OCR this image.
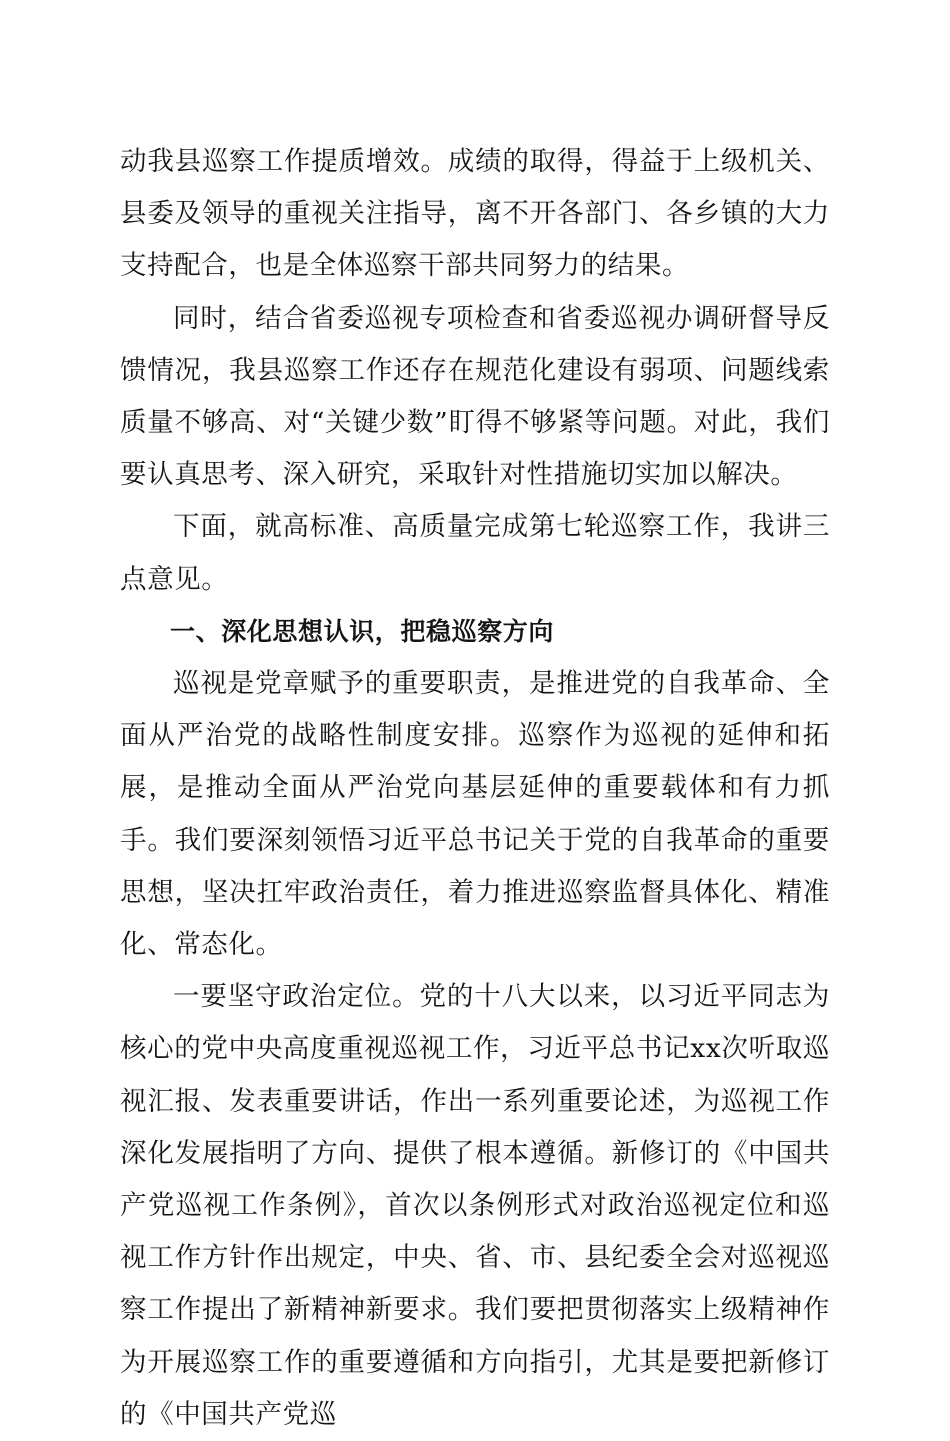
动我县巡察工作提质增效。成绩的取得，得益于上级机关、县委及领导的重视关注指导，离不开各部门、各乡镇的大力支持配合，也是全体巡察干部共同努力的结果。

同时，结合省委巡视专项检查和省委巡视办调研督导反馈情况，我县巡察工作还存在规范化建设有弱项、问题线索质量不够高、对“关键少数”盯得不够紧等问题。对此，我们要认真思考、深入研究，采取针对性措施切实加以解决。

下面，就高标准、高质量完成第七轮巡察工作，我讲三点意见。

一、深化思想认识，把稳巡察方向

巡视是党章赋予的重要职责，是推进党的自我革命、全面从严治党的战略性制度安排。巡察作为巡视的延伸和拓展，是推动全面从严治党向基层延伸的重要载体和有力抓手。我们要深刻领悟习近平总书记关于党的自我革命的重要思想，坚决扛牢政治责任，着力推进巡察监督具体化、精准化、常态化。

一要坚守政治定位。党的十八大以来，以习近平同志为核心的党中央高度重视巡视工作，习近平总书记xx次听取巡视汇报、发表重要讲话，作出一系列重要论述，为巡视工作深化发展指明了方向、提供了根本遵循。新修订的《中国共产党巡视工作条例》，首次以条例形式对政治巡视定位和巡视工作方针作出规定，中央、省、市、县纪委全会对巡视巡察工作提出了新精神新要求。我们要把贯彻落实上级精神作为开展巡察工作的重要遵循和方向指引，尤其是要把新修订的《中国共产党巡
